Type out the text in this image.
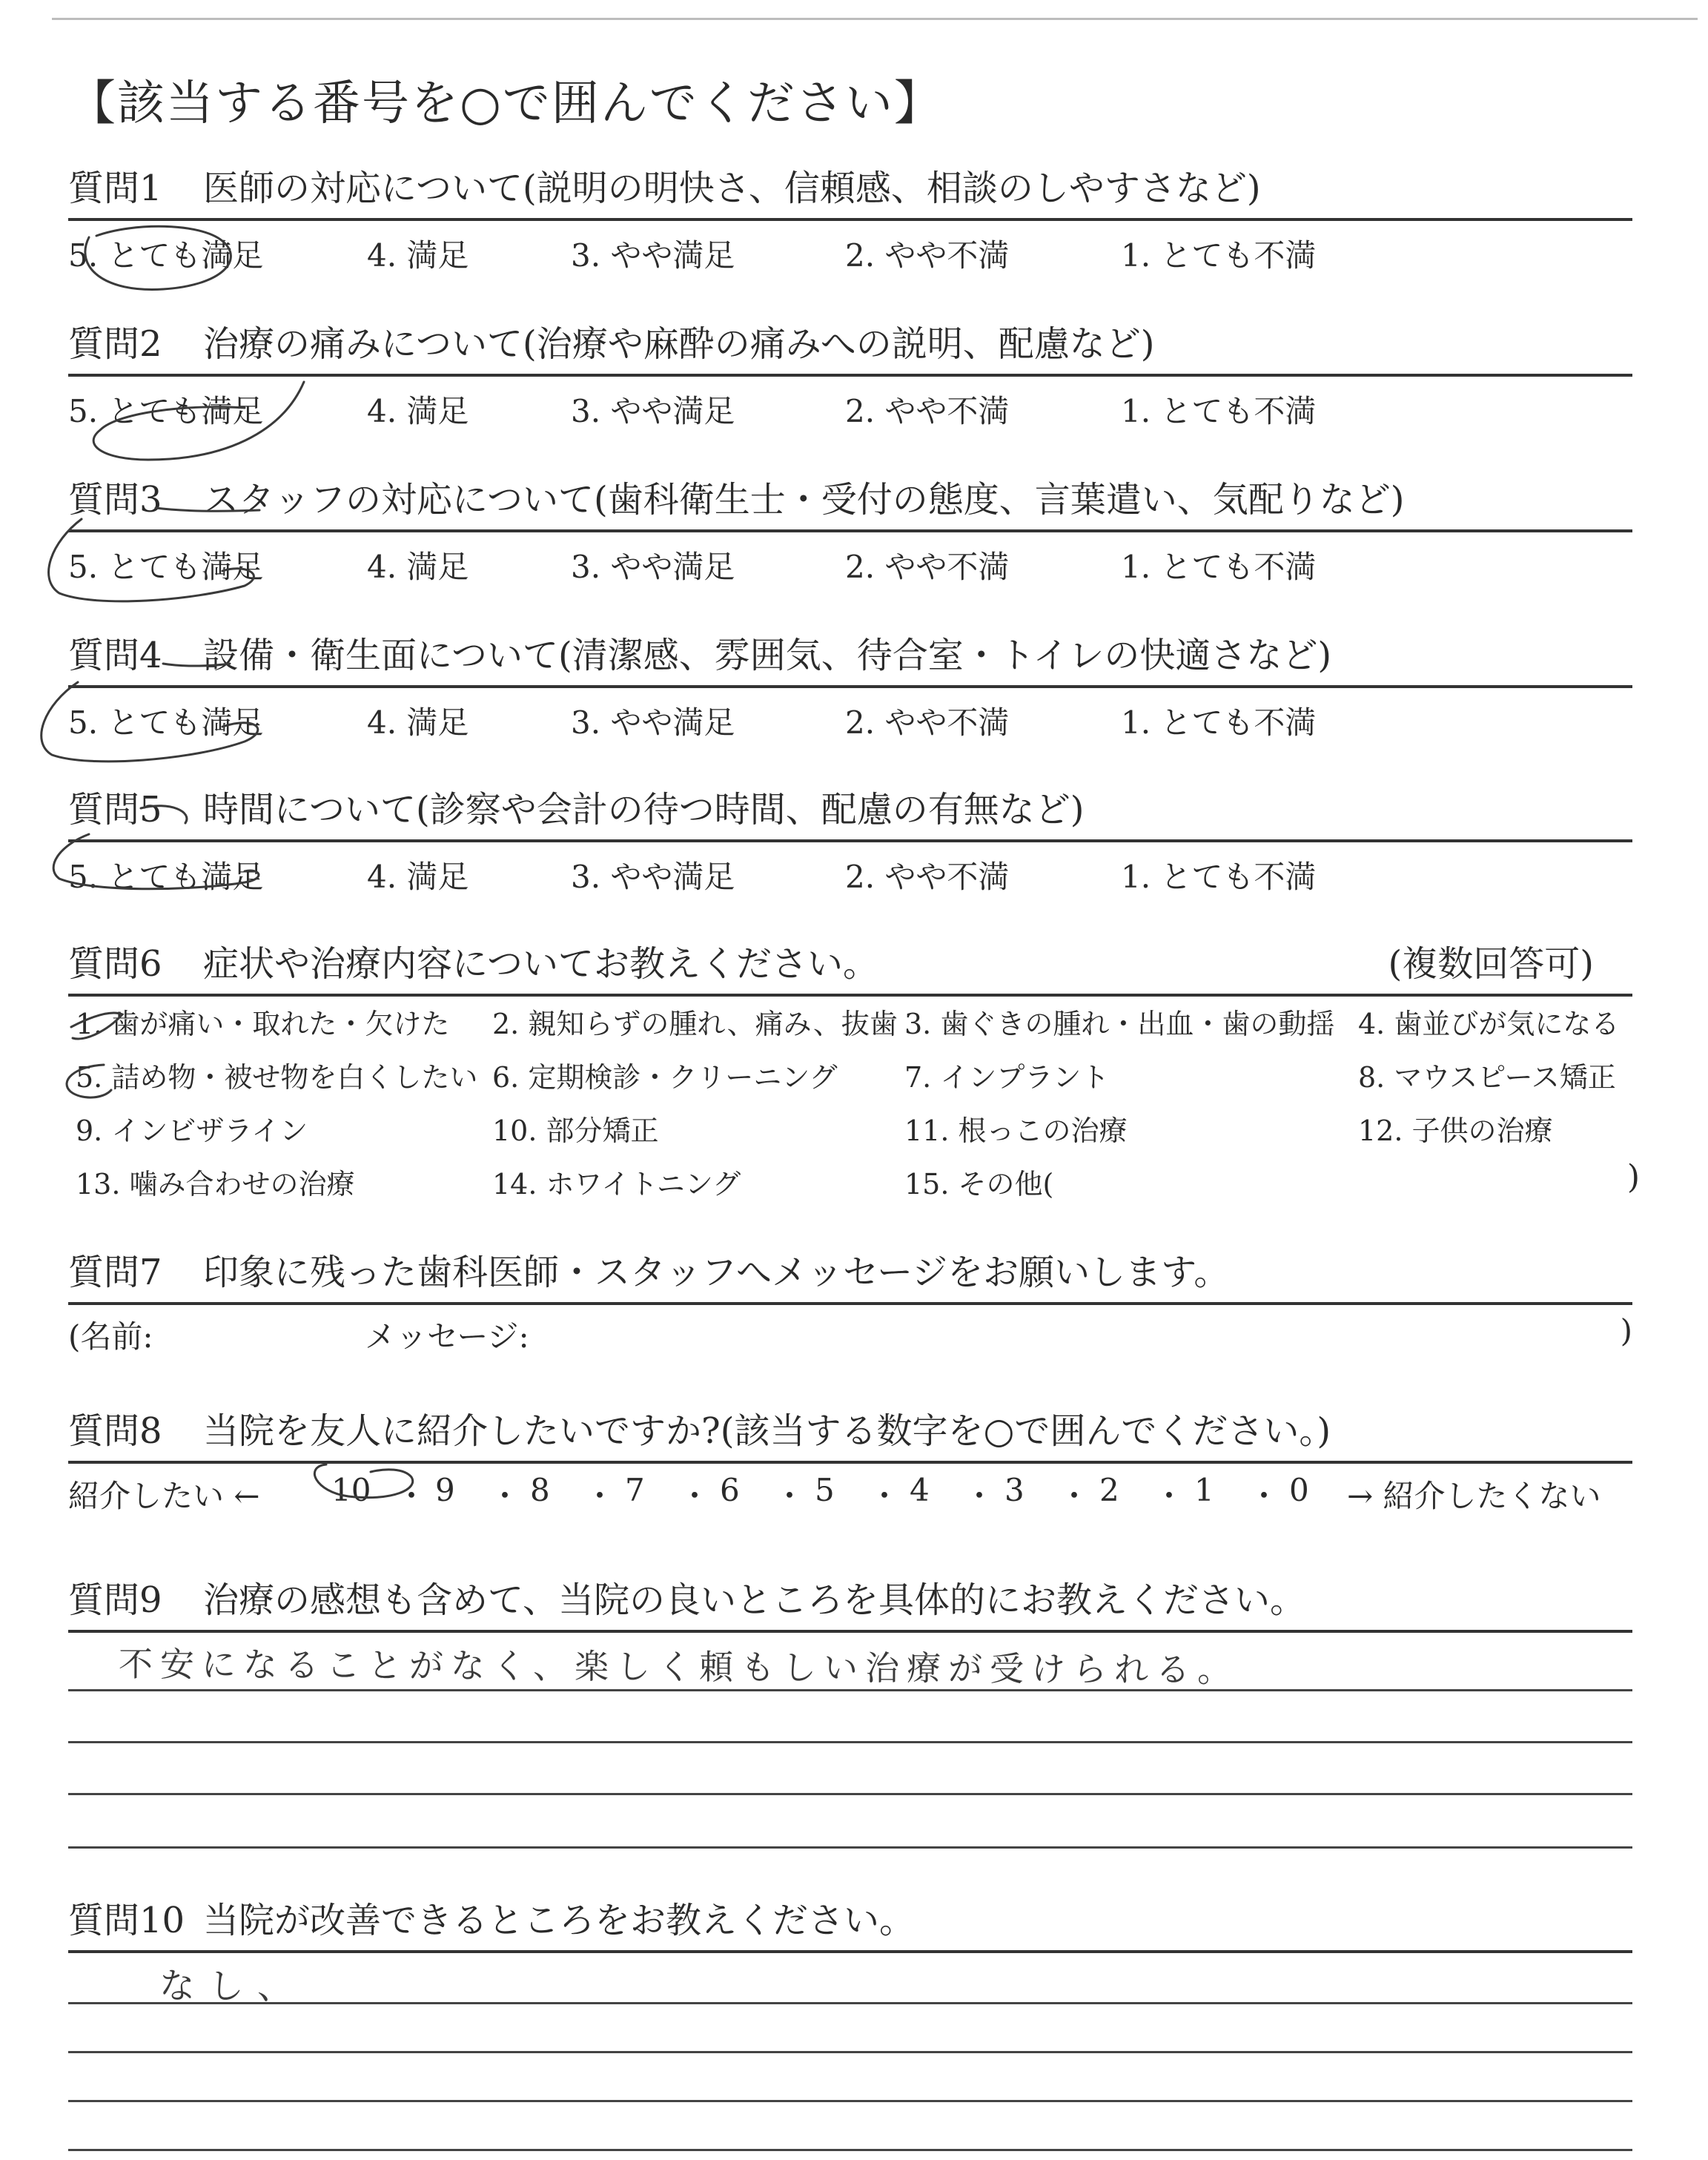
【該当する番号を○で囲んでください】
質問1 医師の対応について(説明の明快さ、信頼感、相談のしやすさなど)
5. とても満足	4. 満足	3. やや満足	2. やや不満	1. とても不満
質問2 治療の痛みについて(治療や麻酔の痛みへの説明、配慮など)
5. とても満足	4. 満足	3. やや満足	2. やや不満	1. とても不満
質問3 スタッフの対応について(歯科衛生士・受付の態度、言葉遣い、気配りなど)
5. とても満足	4. 満足	3. やや満足	2. やや不満	1. とても不満
質問4 設備・衛生面について(清潔感、雰囲気、待合室・トイレの快適さなど)
5. とても満足	4. 満足	3. やや満足	2. やや不満	1. とても不満
質問5 時間について(診察や会計の待つ時間、配慮の有無など)
5. とても満足	4. 満足	3. やや満足	2. やや不満	1. とても不満
質問6 症状や治療内容についてお教えください。	(複数回答可)
1. 歯が痛い・取れた・欠けた 2. 親知らずの腫れ、痛み、抜歯 3. 歯ぐきの腫れ・出血・歯の動揺 4. 歯並びが気になる
5. 詰め物・被せ物を白くしたい 6. 定期検診・クリーニング 7. インプラント	8. マウスピース矯正
9. インビザライン	10. 部分矯正	11. 根っこの治療	12. 子供の治療
13. 噛み合わせの治療	14. ホワイトニング	15. その他(	)
質問7 印象に残った歯科医師・スタッフへメッセージをお願いします。
(名前:	メッセージ:	)
質問8 当院を友人に紹介したいですか?(該当する数字を○で囲んでください。)
紹介したい ← 10 ・ 9 ・ 8 ・ 7 ・ 6 ・ 5 ・ 4 ・ 3 ・ 2 ・ 1 ・ 0 → 紹介したくない
質問9 治療の感想も含めて、当院の良いところを具体的にお教えください。
不安になることがなく、楽しく頼もしい治療が受けられる。
質問10 当院が改善できるところをお教えください。
なし、
